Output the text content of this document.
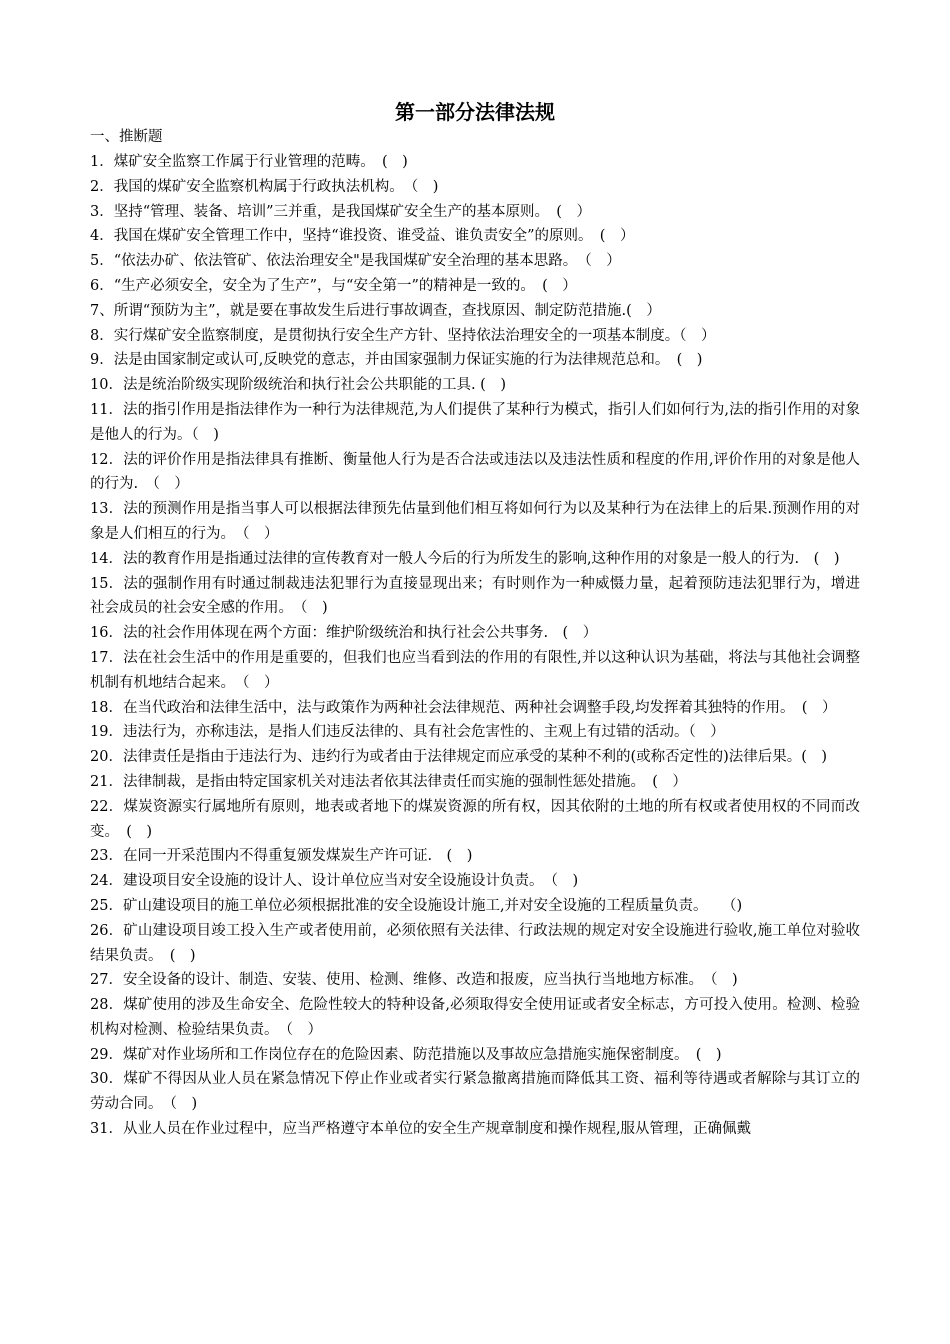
第一部分法律法规
一、推断题

1．煤矿安全监察工作属于行业管理的范畴。　(　)

2．我国的煤矿安全监察机构属于行政执法机构。　（　)

3．坚持“管理、装备、培训”三并重，是我国煤矿安全生产的基本原则。　(　）

4．我国在煤矿安全管理工作中，坚持“谁投资、谁受益、谁负责安全”的原则。　(　）

5．“依法办矿、依法管矿、依法治理安全"是我国煤矿安全治理的基本思路。　（　）

6．“生产必须安全，安全为了生产”，与“安全第一”的精神是一致的。　(　）

7、所谓“预防为主”，就是要在事故发生后进行事故调查，查找原因、制定防范措施.(　）

8．实行煤矿安全监察制度，是贯彻执行安全生产方针、坚持依法治理安全的一项基本制度。（　）

9．法是由国家制定或认可,反映党的意志，并由国家强制力保证实施的行为法律规范总和。　(　)

10．法是统治阶级实现阶级统治和执行社会公共职能的工具. (　)

11．法的指引作用是指法律作为一种行为法律规范,为人们提供了某种行为模式，指引人们如何行为,法的指引作用的对象是他人的行为。（　)

12．法的评价作用是指法律具有推断、衡量他人行为是否合法或违法以及违法性质和程度的作用,评价作用的对象是他人的行为.　（　）

13．法的预测作用是指当事人可以根据法律预先估量到他们相互将如何行为以及某种行为在法律上的后果.预测作用的对象是人们相互的行为。　（　）

14．法的教育作用是指通过法律的宣传教育对一般人今后的行为所发生的影响,这种作用的对象是一般人的行为.　(　)

15．法的强制作用有时通过制裁违法犯罪行为直接显现出来；有时则作为一种威慑力量，起着预防违法犯罪行为，增进社会成员的社会安全感的作用。　（　)

16．法的社会作用体现在两个方面：维护阶级统治和执行社会公共事务.　(　）

17．法在社会生活中的作用是重要的，但我们也应当看到法的作用的有限性,并以这种认识为基础，将法与其他社会调整机制有机地结合起来。　（　）

18．在当代政治和法律生活中，法与政策作为两种社会法律规范、两种社会调整手段,均发挥着其独特的作用。　(　）

19．违法行为，亦称违法，是指人们违反法律的、具有社会危害性的、主观上有过错的活动。（　）

20．法律责任是指由于违法行为、违约行为或者由于法律规定而应承受的某种不利的(或称否定性的)法律后果。(　)

21．法律制裁，是指由特定国家机关对违法者依其法律责任而实施的强制性惩处措施。　(　）

22．煤炭资源实行属地所有原则，地表或者地下的煤炭资源的所有权，因其依附的土地的所有权或者使用权的不同而改变。　(　)

23．在同一开采范围内不得重复颁发煤炭生产许可证.　(　)

24．建设项目安全设施的设计人、设计单位应当对安全设施设计负责。　（　)

25．矿山建设项目的施工单位必须根据批准的安全设施设计施工,并对安全设施的工程质量负责。　　（)

26．矿山建设项目竣工投入生产或者使用前，必须依照有关法律、行政法规的规定对安全设施进行验收,施工单位对验收结果负责。　(　)

27．安全设备的设计、制造、安装、使用、检测、维修、改造和报废，应当执行当地地方标准。　（　)

28．煤矿使用的涉及生命安全、危险性较大的特种设备,必须取得安全使用证或者安全标志，方可投入使用。检测、检验机构对检测、检验结果负责。　（　）

29．煤矿对作业场所和工作岗位存在的危险因素、防范措施以及事故应急措施实施保密制度。　(　)

30．煤矿不得因从业人员在紧急情况下停止作业或者实行紧急撤离措施而降低其工资、福利等待遇或者解除与其订立的劳动合同。　（　)

31．从业人员在作业过程中，应当严格遵守本单位的安全生产规章制度和操作规程,服从管理，正确佩戴
